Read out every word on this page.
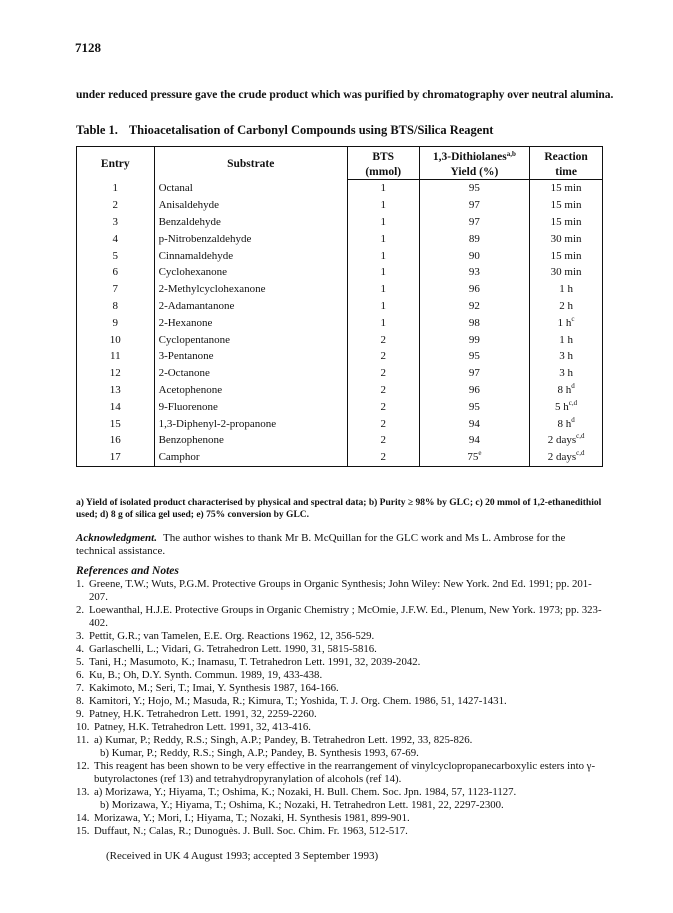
7128
under reduced pressure gave the crude product which was purified by chromatography over neutral alumina.
Table 1. Thioacetalisation of Carbonyl Compounds using BTS/Silica Reagent
Entry	Substrate	BTS	1,3-Dithiolanes$^{a,b}$	Reaction
		(mmol)	Yield (%)	time
1	Octanal	1	95	15 min
2	Anisaldehyde	1	97	15 min
3	Benzaldehyde	1	97	15 min
4	p-Nitrobenzaldehyde	1	89	30 min
5	Cinnamaldehyde	1	90	15 min
6	Cyclohexanone	1	93	30 min
7	2-Methylcyclohexanone	1	96	1 h
8	2-Adamantanone	1	92	2 h
9	2-Hexanone	1	98	1 $h^c$
10	Cyclopentanone	2	99	1 h
11	3-Pentanone	2	95	3 h
12	2-Octanone	2	97	3 h
13	Acetophenone	2	96	8 $h^d$
14	9-Fluorenone	2	95	5 $h^{c,d}$
15	1,3-Diphenyl-2-propanone	2	94	8 $h^d$
16	Benzophenone	2	94	2 days$^{c,d}$
17	Camphor	2	75e	2 days$^{c,d}$
a) Yield of isolated product characterised by physical and spectral data; b) Purity ≥ 98% by GLC; c) 20 mmol of 1,2-ethanedithiol used; d) 8 g of silica gel used; e) 75% conversion by GLC.
Acknowledgment. The author wishes to thank Mr B. McQuillan for the GLC work and Ms L. Ambrose for the technical assistance.
References and Notes
1. Greene, T.W.; Wuts, P.G.M. Protective Groups in Organic Synthesis; John Wiley: New York. 2nd Ed. 1991; pp. 201-207.
2. Loewanthal, H.J.E. Protective Groups in Organic Chemistry ; McOmie, J.F.W. Ed., Plenum, New York. 1973; pp. 323-402.
3. Pettit, G.R.; van Tamelen, E.E. Org. Reactions 1962, 12, 356-529.
4. Garlaschelli, L.; Vidari, G. Tetrahedron Lett. 1990, 31, 5815-5816.
5. Tani, H.; Masumoto, K.; Inamasu, T. Tetrahedron Lett. 1991, 32, 2039-2042.
6. Ku, B.; Oh, D.Y. Synth. Commun. 1989, 19, 433-438.
7. Kakimoto, M.; Seri, T.; Imai, Y. Synthesis 1987, 164-166.
8. Kamitori, Y.; Hojo, M.; Masuda, R.; Kimura, T.; Yoshida, T. J. Org. Chem. 1986, 51, 1427-1431.
9. Patney, H.K. Tetrahedron Lett. 1991, 32, 2259-2260.
10. Patney, H.K. Tetrahedron Lett. 1991, 32, 413-416.
11. a) Kumar, P.; Reddy, R.S.; Singh, A.P.; Pandey, B. Tetrahedron Lett. 1992, 33, 825-826.
b) Kumar, P.; Reddy, R.S.; Singh, A.P.; Pandey, B. Synthesis 1993, 67-69.
12. This reagent has been shown to be very effective in the rearrangement of vinylcyclopropanecarboxylic esters into γ-butyrolactones (ref 13) and tetrahydropyranylation of alcohols (ref 14).
13. a) Morizawa, Y.; Hiyama, T.; Oshima, K.; Nozaki, H. Bull. Chem. Soc. Jpn. 1984, 57, 1123-1127.
b) Morizawa, Y.; Hiyama, T.; Oshima, K.; Nozaki, H. Tetrahedron Lett. 1981, 22, 2297-2300.
14. Morizawa, Y.; Mori, I.; Hiyama, T.; Nozaki, H. Synthesis 1981, 899-901.
15. Duffaut, N.; Calas, R.; Dunoguès. J. Bull. Soc. Chim. Fr. 1963, 512-517.
(Received in UK 4 August 1993; accepted 3 September 1993)
